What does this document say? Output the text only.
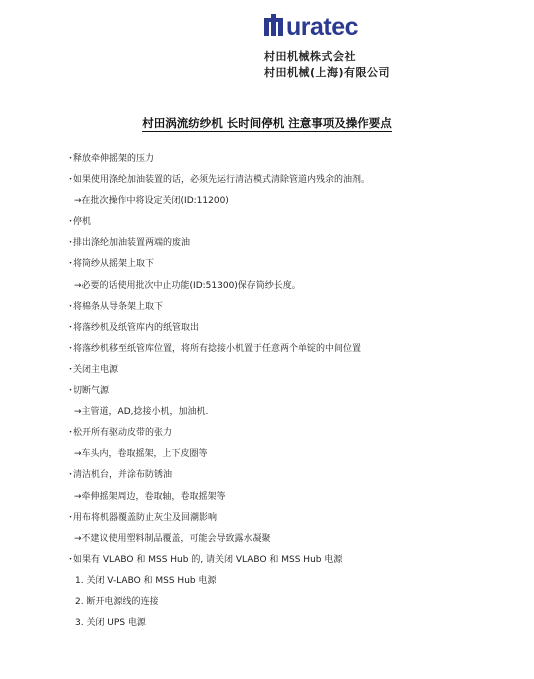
uratec
村田机械株式会社
村田机械(上海)有限公司
村田涡流纺纱机 长时间停机 注意事项及操作要点
・
释放牵伸摇架的压力
・
如果使用涤纶加油装置的话，必须先运行清洁模式清除管道内残余的油剂。
→在批次操作中将设定关闭(ID:11200)
・
停机
・
排出涤纶加油装置两端的废油
・
将筒纱从摇架上取下
→必要的话使用批次中止功能(ID:51300)保存筒纱长度。
・
将棉条从导条架上取下
・
将落纱机及纸管库内的纸管取出
・
将落纱机移至纸管库位置，将所有捻接小机置于任意两个单锭的中间位置
・
关闭主电源
・
切断气源
→主管道，AD,捻接小机，加油机.
・
松开所有驱动皮带的张力
→车头内，卷取摇架，上下皮圈等
・
清洁机台，并涂布防锈油
→牵伸摇架周边，卷取轴，卷取摇架等
・
用布将机器覆盖防止灰尘及回潮影响
→不建议使用塑料制品覆盖，可能会导致露水凝聚
・
如果有 VLABO 和 MSS Hub 的, 请关闭 VLABO 和 MSS Hub 电源
1. 关闭 V-LABO 和 MSS Hub 电源
2. 断开电源线的连接
3. 关闭 UPS 电源
